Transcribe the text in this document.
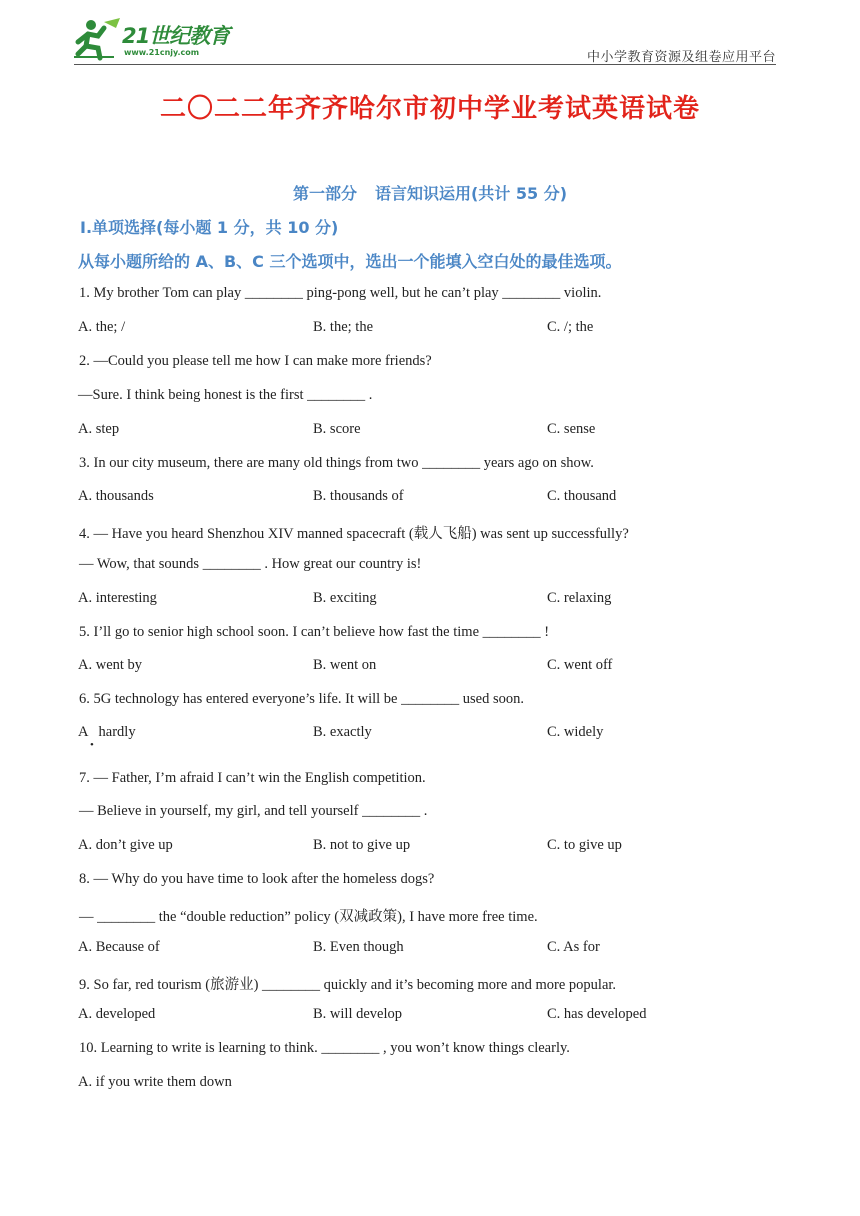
21世纪教育
www.21cnjy.com	中小学教育资源及组卷应用平台
二〇二二年齐齐哈尔市初中学业考试英语试卷
第一部分 语言知识运用(共计 55 分)
Ⅰ.单项选择(每小题 1 分，共 10 分)
从每小题所给的 A、B、C 三个选项中，选出一个能填入空白处的最佳选项。
1. My brother Tom can play ________ ping-pong well, but he can’t play ________ violin.
A. the; /	B. the; the	C. /; the
2. —Could you please tell me how I can make more friends?
—Sure. I think being honest is the first ________ .
A. step	B. score	C. sense
3. In our city museum, there are many old things from two ________ years ago on show.
A. thousands	B. thousands of	C. thousand
4. — Have you heard Shenzhou XIV manned spacecraft (载人飞船) was sent up successfully?
— Wow, that sounds ________ . How great our country is!
A. interesting	B. exciting	C. relaxing
5. I’ll go to senior high school soon. I can’t believe how fast the time ________ !
A. went by	B. went on	C. went off
6. 5G technology has entered everyone’s life. It will be ________ used soon.
A   hardly	B. exactly	C. widely
•
7. — Father, I’m afraid I can’t win the English competition.
— Believe in yourself, my girl, and tell yourself ________ .
A. don’t give up	B. not to give up	C. to give up
8. — Why do you have time to look after the homeless dogs?
— ________ the “double reduction” policy (双减政策), I have more free time.
A. Because of	B. Even though	C. As for
9. So far, red tourism (旅游业) ________ quickly and it’s becoming more and more popular.
A. developed	B. will develop	C. has developed
10. Learning to write is learning to think. ________ , you won’t know things clearly.
A. if you write them down
